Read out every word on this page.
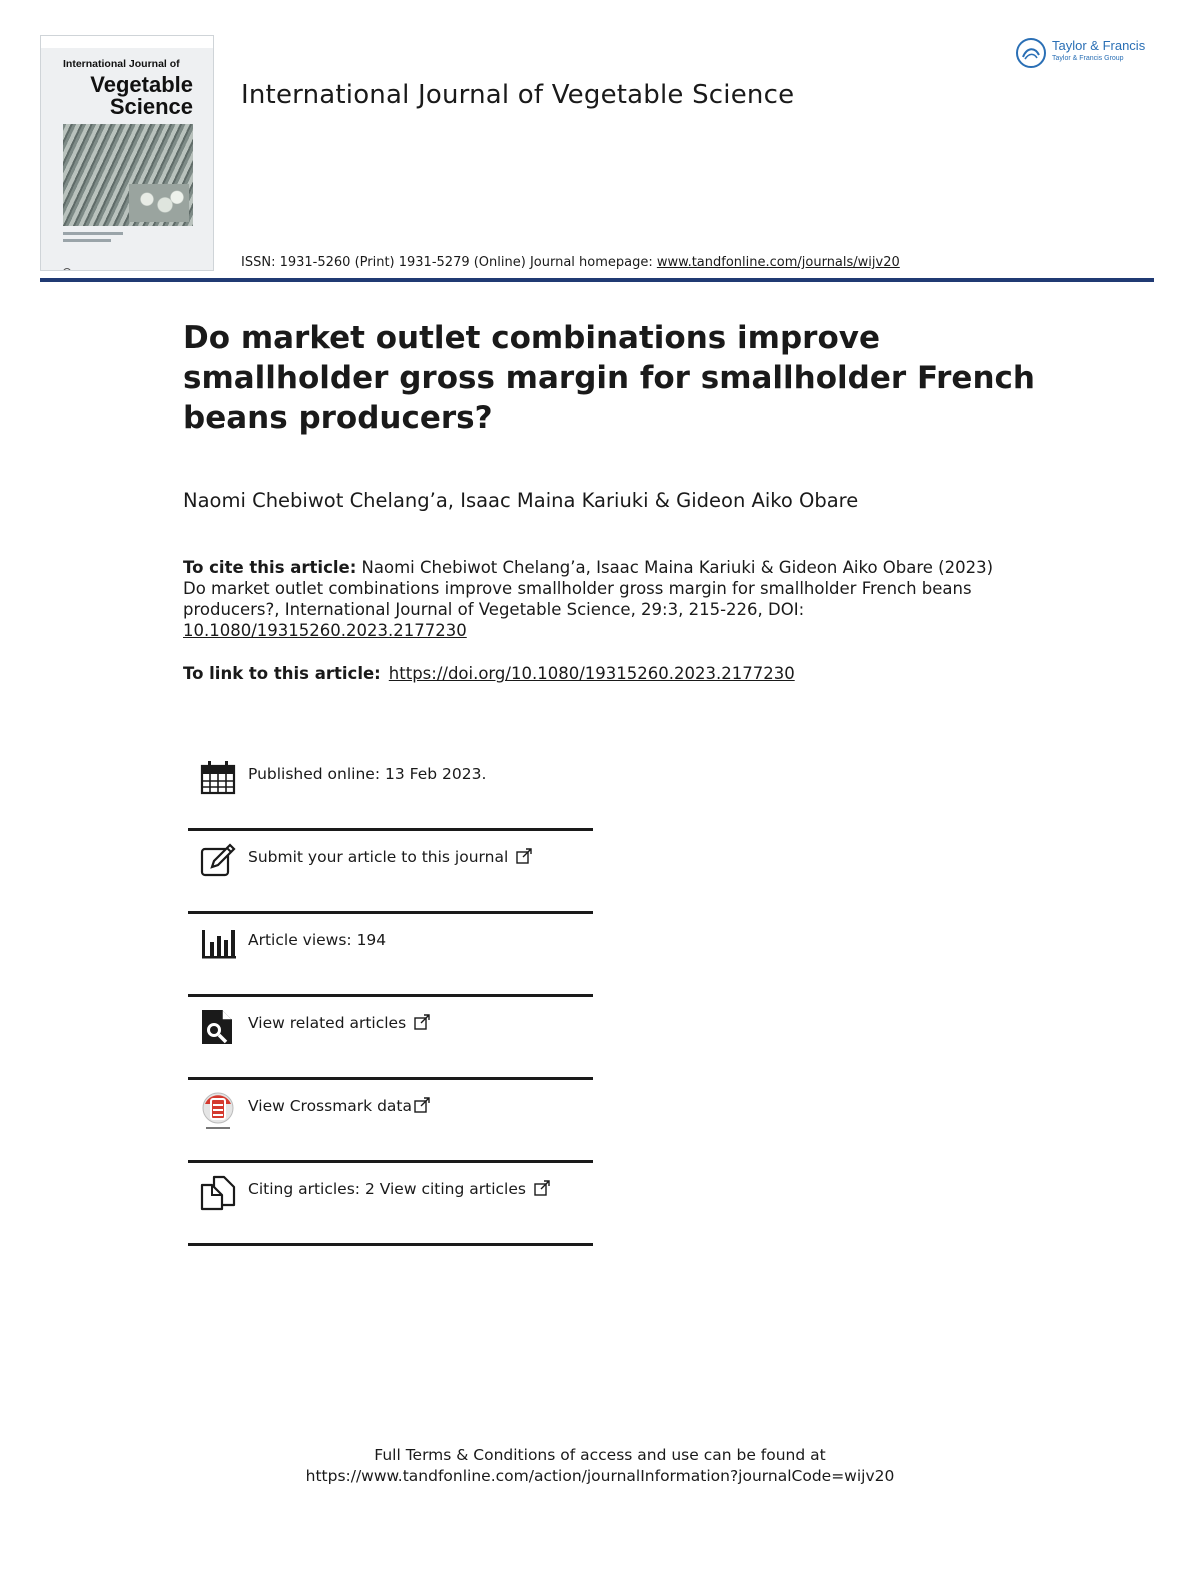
International Journal of
Vegetable
Science International Journal of Vegetable Science
Taylor & Francis
Taylor & Francis Group
ISSN: 1931-5260 (Print) 1931-5279 (Online) Journal homepage: www.tandfonline.com/journals/wijv20
Do market outlet combinations improve smallholder gross margin for smallholder French beans producers?
Naomi Chebiwot Chelang’a, Isaac Maina Kariuki & Gideon Aiko Obare
To cite this article: Naomi Chebiwot Chelang’a, Isaac Maina Kariuki & Gideon Aiko Obare (2023) Do market outlet combinations improve smallholder gross margin for smallholder French beans producers?, International Journal of Vegetable Science, 29:3, 215-226, DOI: 10.1080/19315260.2023.2177230
To link to this article: https://doi.org/10.1080/19315260.2023.2177230
Published online: 13 Feb 2023.
Submit your article to this journal
Article views: 194
View related articles
View Crossmark data
Citing articles: 2 View citing articles
Full Terms & Conditions of access and use can be found at
https://www.tandfonline.com/action/journalInformation?journalCode=wijv20
